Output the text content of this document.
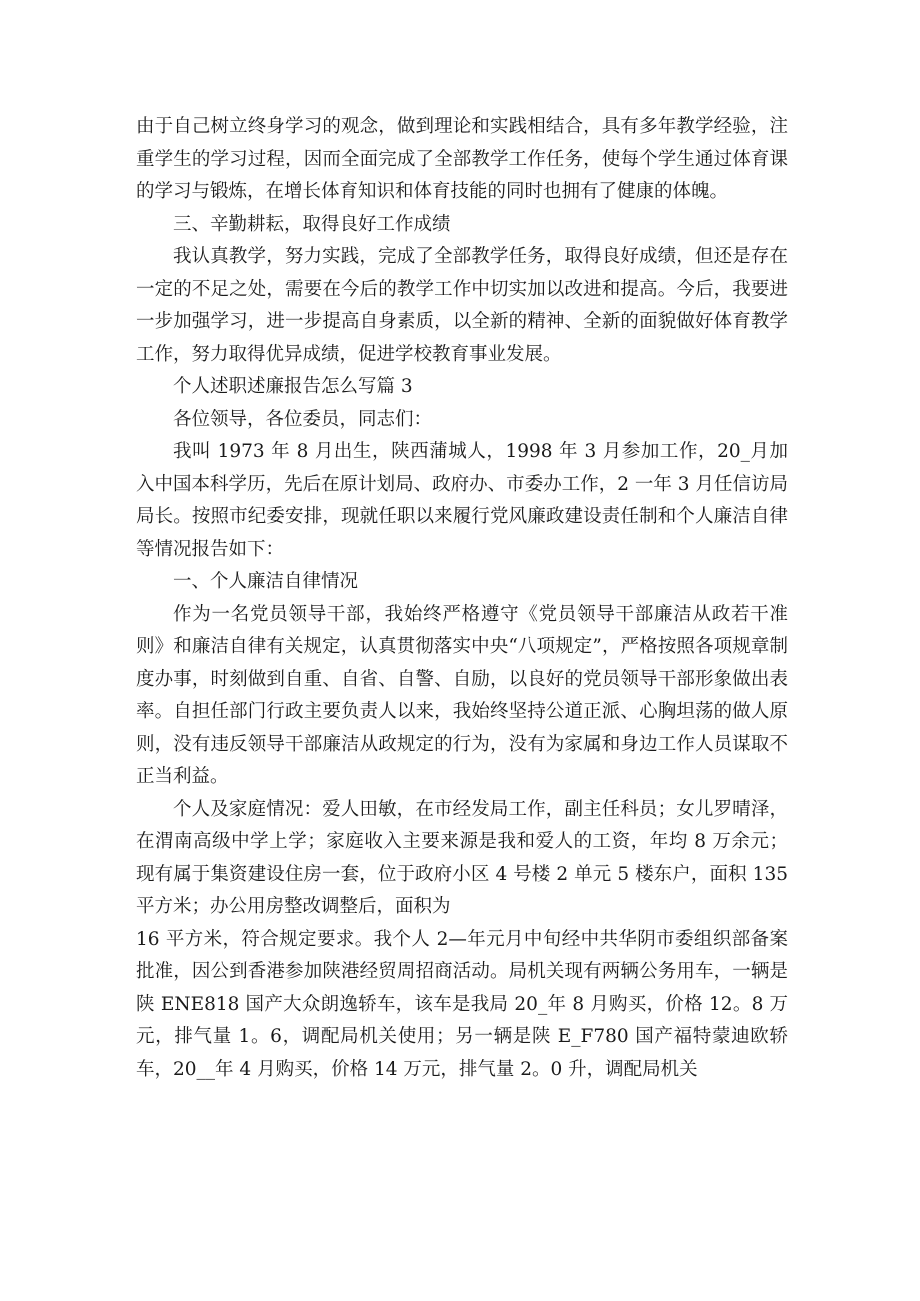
由于自己树立终身学习的观念，做到理论和实践相结合，具有多年教学经验，注重学生的学习过程，因而全面完成了全部教学工作任务，使每个学生通过体育课的学习与锻炼，在增长体育知识和体育技能的同时也拥有了健康的体魄。

三、辛勤耕耘，取得良好工作成绩

我认真教学，努力实践，完成了全部教学任务，取得良好成绩，但还是存在一定的不足之处，需要在今后的教学工作中切实加以改进和提高。今后，我要进一步加强学习，进一步提高自身素质，以全新的精神、全新的面貌做好体育教学工作，努力取得优异成绩，促进学校教育事业发展。

个人述职述廉报告怎么写篇 3

各位领导，各位委员，同志们：

我叫 1973 年 8 月出生，陕西蒲城人，1998 年 3 月参加工作，20_月加入中国本科学历，先后在原计划局、政府办、市委办工作，2 一年 3 月任信访局局长。按照市纪委安排，现就任职以来履行党风廉政建设责任制和个人廉洁自律等情况报告如下：

一、个人廉洁自律情况

作为一名党员领导干部，我始终严格遵守《党员领导干部廉洁从政若干准则》和廉洁自律有关规定，认真贯彻落实中央“八项规定”，严格按照各项规章制度办事，时刻做到自重、自省、自警、自励，以良好的党员领导干部形象做出表率。自担任部门行政主要负责人以来，我始终坚持公道正派、心胸坦荡的做人原则，没有违反领导干部廉洁从政规定的行为，没有为家属和身边工作人员谋取不正当利益。

个人及家庭情况：爱人田敏，在市经发局工作，副主任科员；女儿罗晴泽，在渭南高级中学上学；家庭收入主要来源是我和爱人的工资，年均 8 万余元；现有属于集资建设住房一套，位于政府小区 4 号楼 2 单元 5 楼东户，面积 135 平方米；办公用房整改调整后，面积为

16 平方米，符合规定要求。我个人 2—年元月中旬经中共华阴市委组织部备案批准，因公到香港参加陕港经贸周招商活动。局机关现有两辆公务用车，一辆是陕 ENE818 国产大众朗逸轿车，该车是我局 20_年 8 月购买，价格 12。8 万元，排气量 1。6，调配局机关使用；另一辆是陕 E_F780 国产福特蒙迪欧轿车，20__年 4 月购买，价格 14 万元，排气量 2。0 升，调配局机关
